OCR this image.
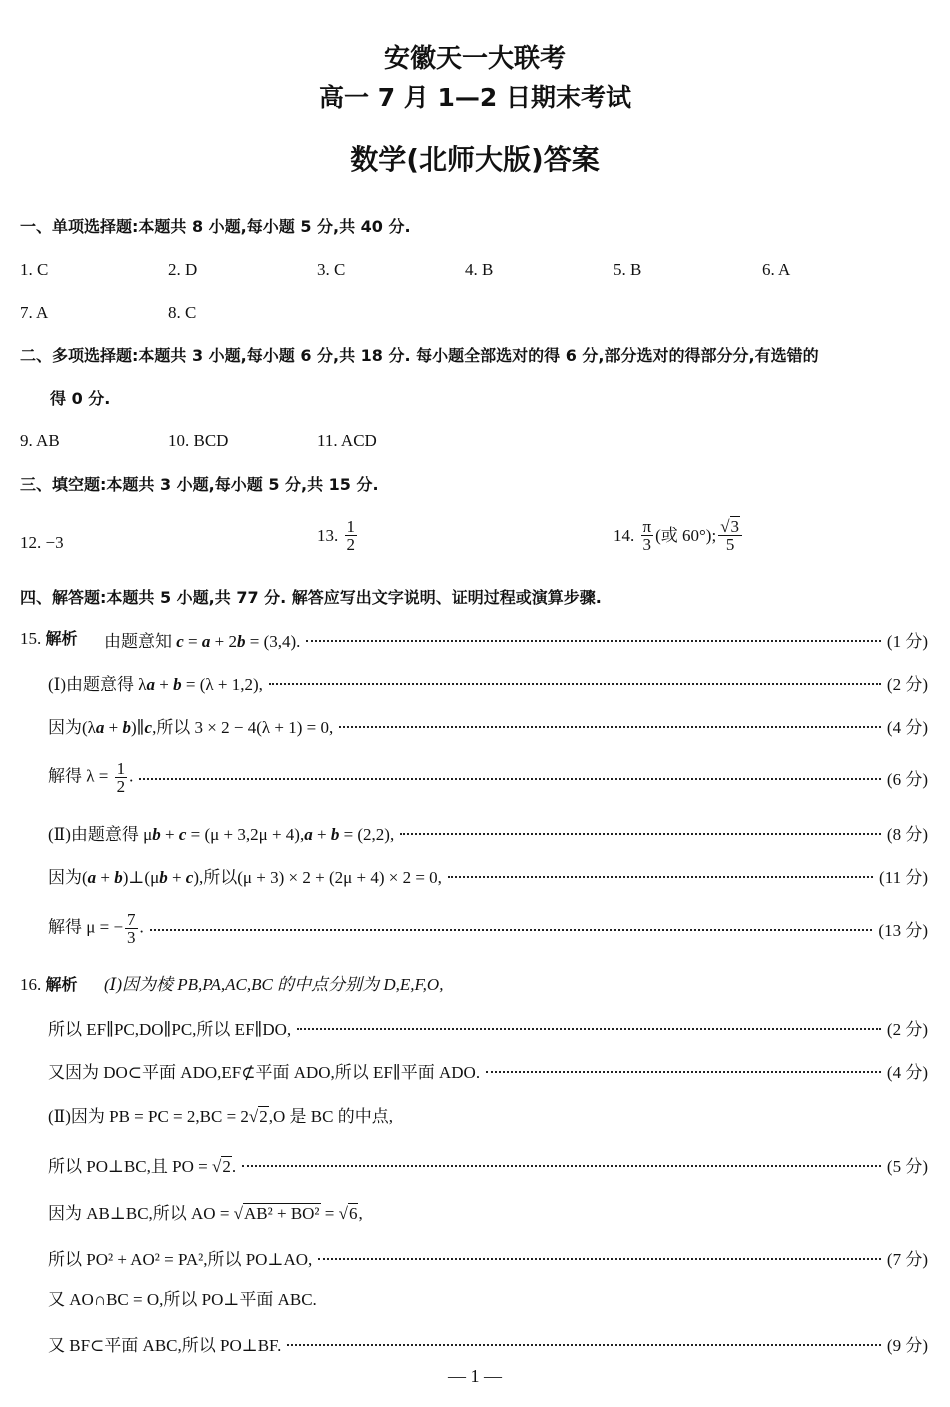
安徽天一大联考
高一 7 月 1—2 日期末考试
数学(北师大版)答案
一、单项选择题:本题共 8 小题,每小题 5 分,共 40 分.
1. C	2. D	3. C	4. B	5. B	6. A
7. A	8. C
二、多项选择题:本题共 3 小题,每小题 6 分,共 18 分. 每小题全部选对的得 6 分,部分选对的得部分分,有选错的
得 0 分.
9. AB	10. BCD	11. ACD
三、填空题:本题共 3 小题,每小题 5 分,共 15 分.
12. −3	13. $\frac{1}{2}$	14. $\frac{\pi}{3}$ (或 60°); $\frac{√3}{5}$
四、解答题:本题共 5 小题,共 77 分. 解答应写出文字说明、证明过程或演算步骤.
15. 解析 由题意知 c = a + 2b = (3,4).	(1 分)
(Ⅰ)由题意得 λa + b = (λ + 1,2),	(2 分)
因为(λa + b)∥c,所以 3 × 2 − 4(λ + 1) = 0,	(4 分)
解得 $\lambda = \frac{1}{2}$ .	(6 分)
(Ⅱ)由题意得 μb + c = (μ + 3,2μ + 4),a + b = (2,2),	(8 分)
因为(a + b)⊥(μb + c),所以(μ + 3) × 2 + (2μ + 4) × 2 = 0,	(11 分)
解得 μ = − $\frac{7}{3}$ .	(13 分)
16. 解析 (Ⅰ)因为棱 PB,PA,AC,BC 的中点分别为 D,E,F,O,
所以 EF∥PC,DO∥PC,所以 EF∥DO,	(2 分)
又因为 DO⊂平面 ADO,EF⊄平面 ADO,所以 EF∥平面 ADO.	(4 分)
(Ⅱ)因为 PB = PC = 2,BC = 2√2,O 是 BC 的中点,
所以 PO⊥BC,且 PO = √2.	(5 分)
因为 AB⊥BC,所以 AO = √AB² + BO² = √6,
所以 PO² + AO² = PA²,所以 PO⊥AO,	(7 分)
又 AO∩BC = O,所以 PO⊥平面 ABC.
又 BF⊂平面 ABC,所以 PO⊥BF.	(9 分)
— 1 —
